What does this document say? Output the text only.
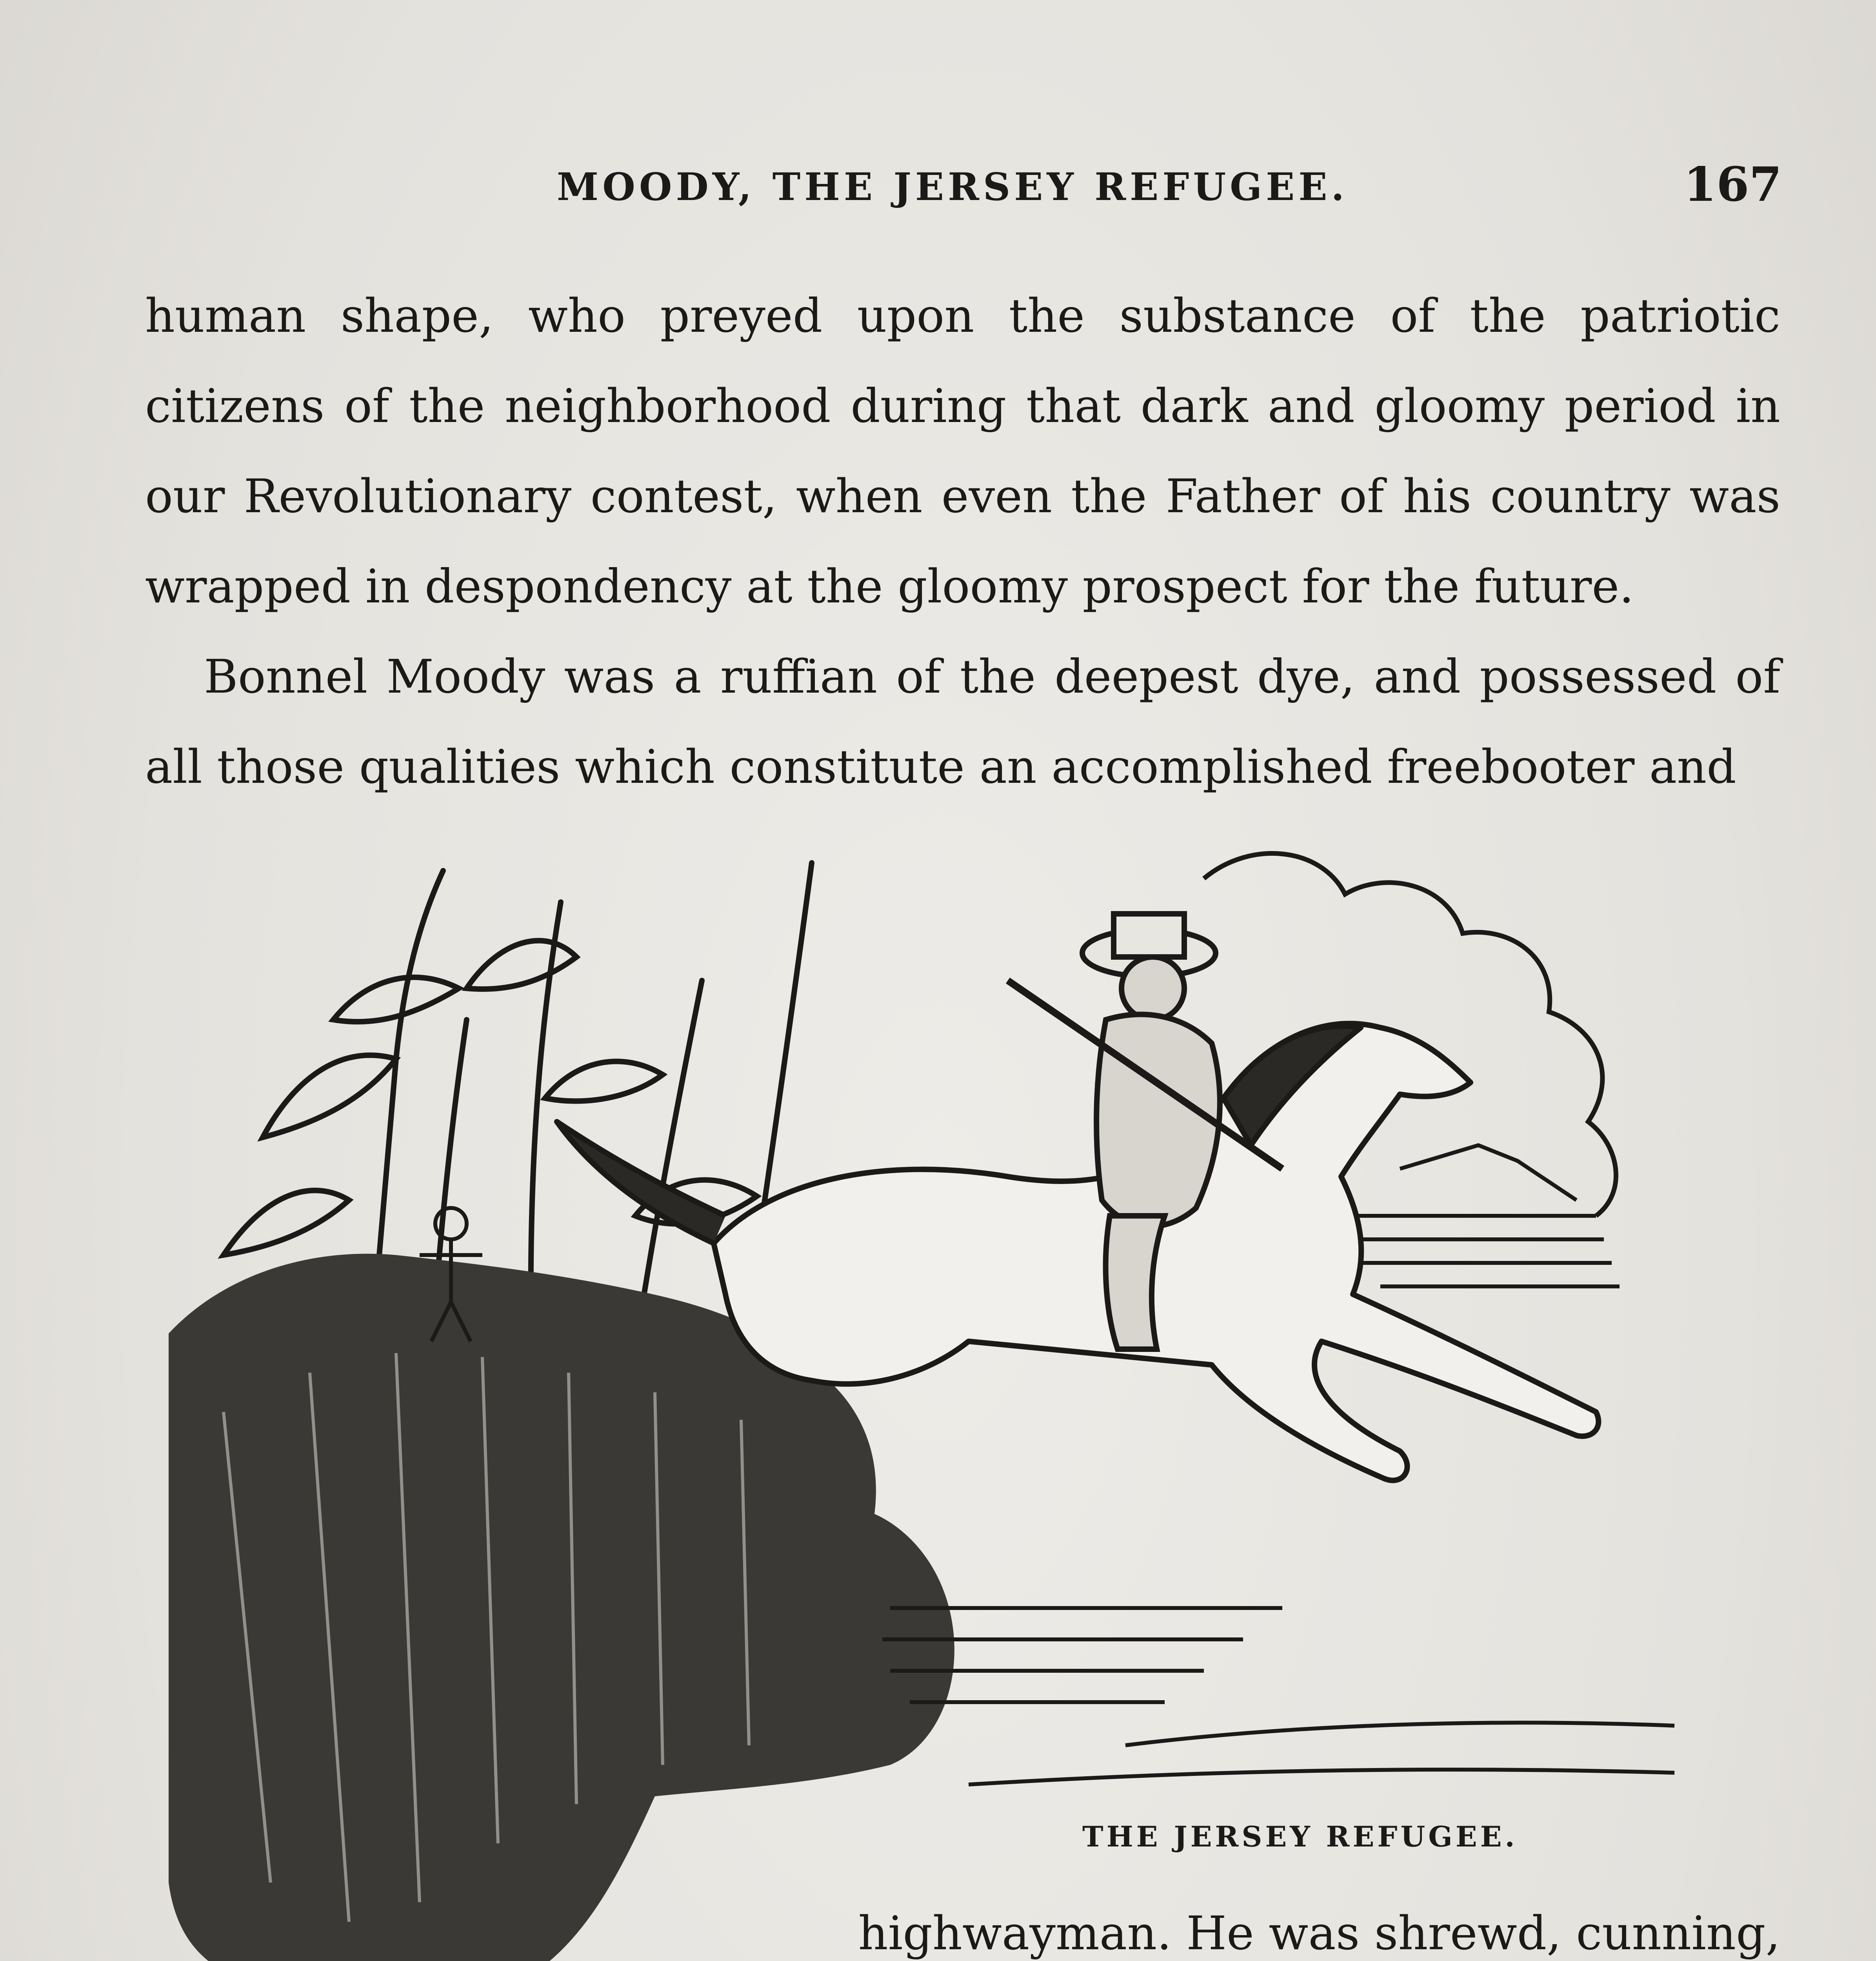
MOODY, THE JERSEY REFUGEE.	167

human shape, who preyed upon the substance of the patriotic citizens of the neighborhood during that dark and gloomy period in our Revolutionary contest, when even the Father of his country was wrapped in despondency at the gloomy prospect for the future.

Bonnel Moody was a ruffian of the deepest dye, and possessed of all those qualities which constitute an accomplished freebooter and

THE JERSEY REFUGEE.
highwayman. He was shrewd, cunning,
